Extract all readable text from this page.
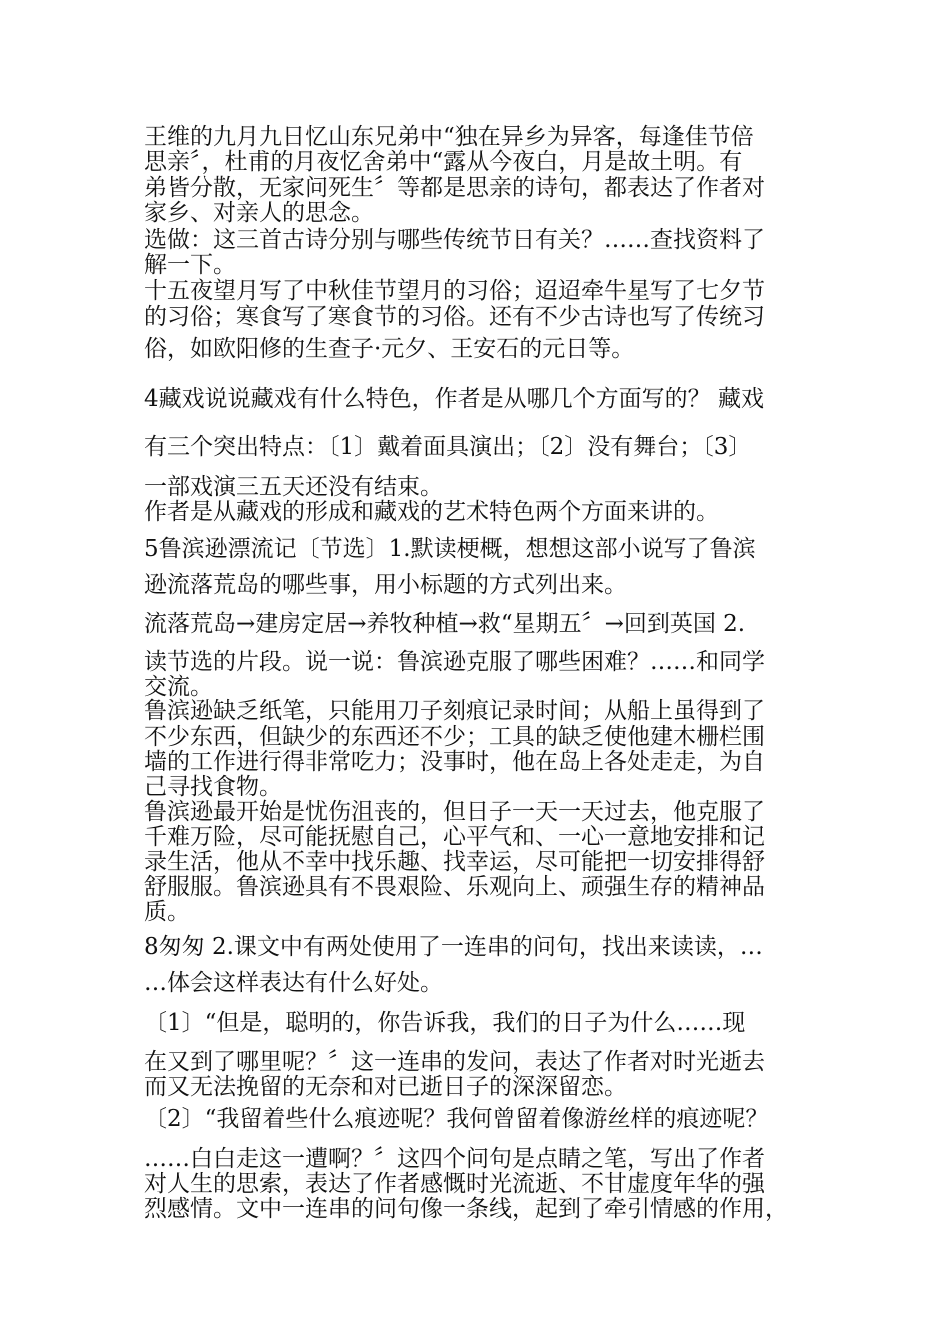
王维的九月九日忆山东兄弟中“独在异乡为异客，每逢佳节倍
思亲〞，杜甫的月夜忆舍弟中“露从今夜白，月是故土明。有
弟皆分散，无家问死生〞等都是思亲的诗句，都表达了作者对
家乡、对亲人的思念。
选做：这三首古诗分别与哪些传统节日有关？……查找资料了
解一下。
十五夜望月写了中秋佳节望月的习俗；迢迢牵牛星写了七夕节
的习俗；寒食写了寒食节的习俗。还有不少古诗也写了传统习
俗，如欧阳修的生查子·元夕、王安石的元日等。
4藏戏说说藏戏有什么特色，作者是从哪几个方面写的？ 藏戏
有三个突出特点：〔1〕戴着面具演出；〔2〕没有舞台；〔3〕
一部戏演三五天还没有结束。
作者是从藏戏的形成和藏戏的艺术特色两个方面来讲的。
5鲁滨逊漂流记〔节选〕1.默读梗概，想想这部小说写了鲁滨
逊流落荒岛的哪些事，用小标题的方式列出来。
流落荒岛→建房定居→养牧种植→救“星期五〞→回到英国 2.
读节选的片段。说一说：鲁滨逊克服了哪些困难？……和同学
交流。
鲁滨逊缺乏纸笔，只能用刀子刻痕记录时间；从船上虽得到了
不少东西，但缺少的东西还不少；工具的缺乏使他建木栅栏围
墙的工作进行得非常吃力；没事时，他在岛上各处走走，为自
己寻找食物。
鲁滨逊最开始是忧伤沮丧的，但日子一天一天过去，他克服了
千难万险，尽可能抚慰自己，心平气和、一心一意地安排和记
录生活，他从不幸中找乐趣、找幸运，尽可能把一切安排得舒
舒服服。鲁滨逊具有不畏艰险、乐观向上、顽强生存的精神品
质。
8匆匆 2.课文中有两处使用了一连串的问句，找出来读读，…
…体会这样表达有什么好处。
〔1〕“但是，聪明的，你告诉我，我们的日子为什么……现
在又到了哪里呢？〞这一连串的发问，表达了作者对时光逝去
而又无法挽留的无奈和对已逝日子的深深留恋。
〔2〕“我留着些什么痕迹呢？我何曾留着像游丝样的痕迹呢？
……白白走这一遭啊？〞这四个问句是点睛之笔，写出了作者
对人生的思索，表达了作者感慨时光流逝、不甘虚度年华的强
烈感情。文中一连串的问句像一条线，起到了牵引情感的作用，
